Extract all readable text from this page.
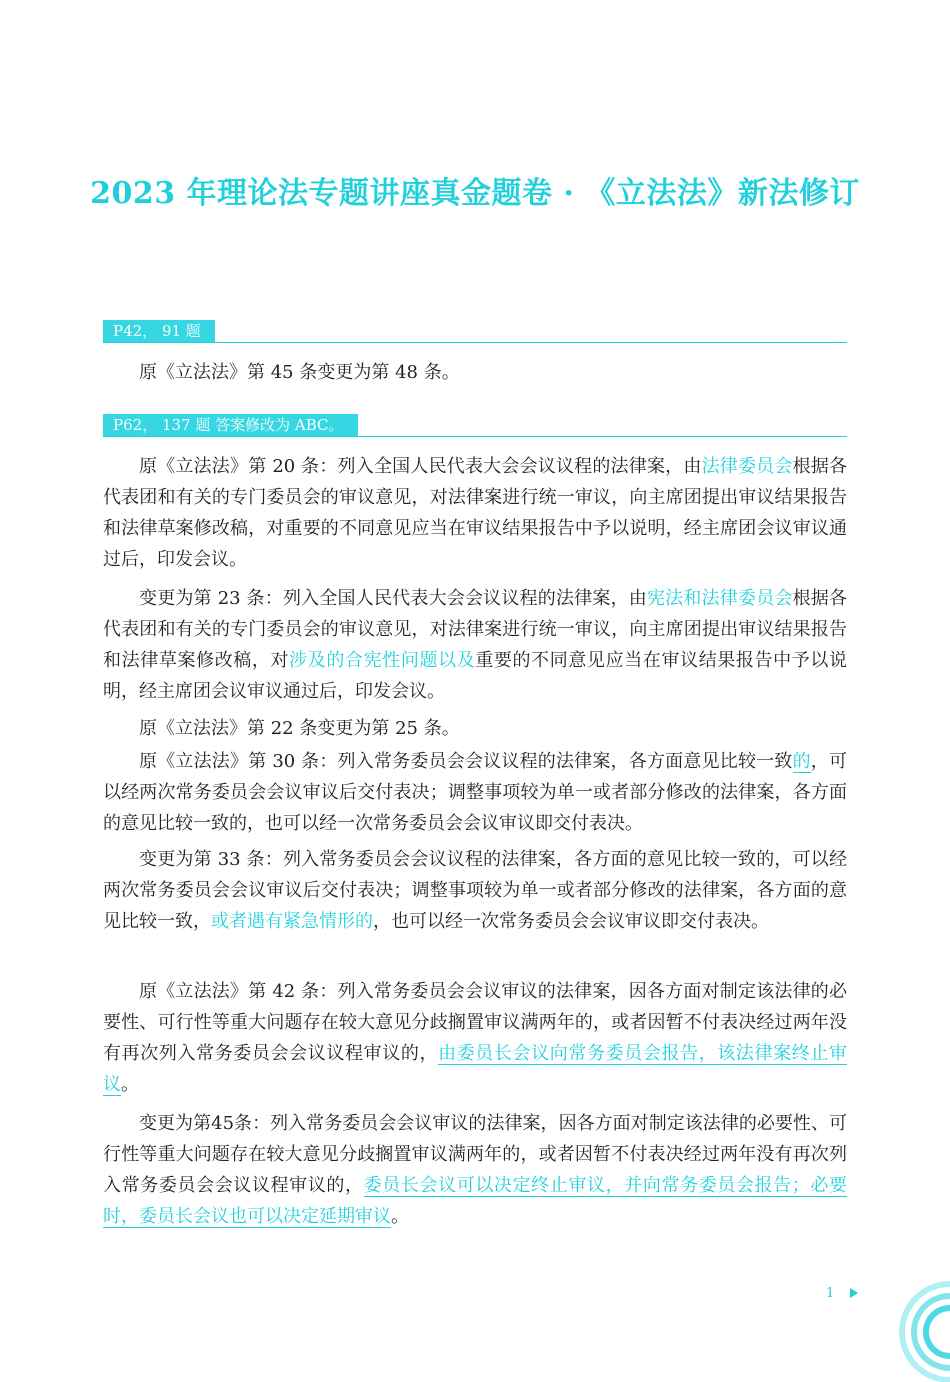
2023 年理论法专题讲座真金题卷 · 《立法法》新法修订
P42， 91 题

原《立法法》第 45 条变更为第 48 条。

P62， 137 题 答案修改为 ABC。

原《立法法》第 20 条：列入全国人民代表大会会议议程的法律案，由法律委员会根据各代表团和有关的专门委员会的审议意见，对法律案进行统一审议，向主席团提出审议结果报告和法律草案修改稿，对重要的不同意见应当在审议结果报告中予以说明，经主席团会议审议通过后，印发会议。

变更为第 23 条：列入全国人民代表大会会议议程的法律案，由宪法和法律委员会根据各代表团和有关的专门委员会的审议意见，对法律案进行统一审议，向主席团提出审议结果报告和法律草案修改稿，对涉及的合宪性问题以及重要的不同意见应当在审议结果报告中予以说明，经主席团会议审议通过后，印发会议。

原《立法法》第 22 条变更为第 25 条。

原《立法法》第 30 条：列入常务委员会会议议程的法律案，各方面意见比较一致的，可以经两次常务委员会会议审议后交付表决；调整事项较为单一或者部分修改的法律案，各方面的意见比较一致的，也可以经一次常务委员会会议审议即交付表决。

变更为第 33 条：列入常务委员会会议议程的法律案，各方面的意见比较一致的，可以经两次常务委员会会议审议后交付表决；调整事项较为单一或者部分修改的法律案，各方面的意见比较一致，或者遇有紧急情形的，也可以经一次常务委员会会议审议即交付表决。

原《立法法》第 42 条：列入常务委员会会议审议的法律案，因各方面对制定该法律的必要性、可行性等重大问题存在较大意见分歧搁置审议满两年的，或者因暂不付表决经过两年没有再次列入常务委员会会议议程审议的，由委员长会议向常务委员会报告，该法律案终止审议。

变更为第45条：列入常务委员会会议审议的法律案，因各方面对制定该法律的必要性、可行性等重大问题存在较大意见分歧搁置审议满两年的，或者因暂不付表决经过两年没有再次列入常务委员会会议议程审议的，委员长会议可以决定终止审议，并向常务委员会报告；必要时，委员长会议也可以决定延期审议。

1
